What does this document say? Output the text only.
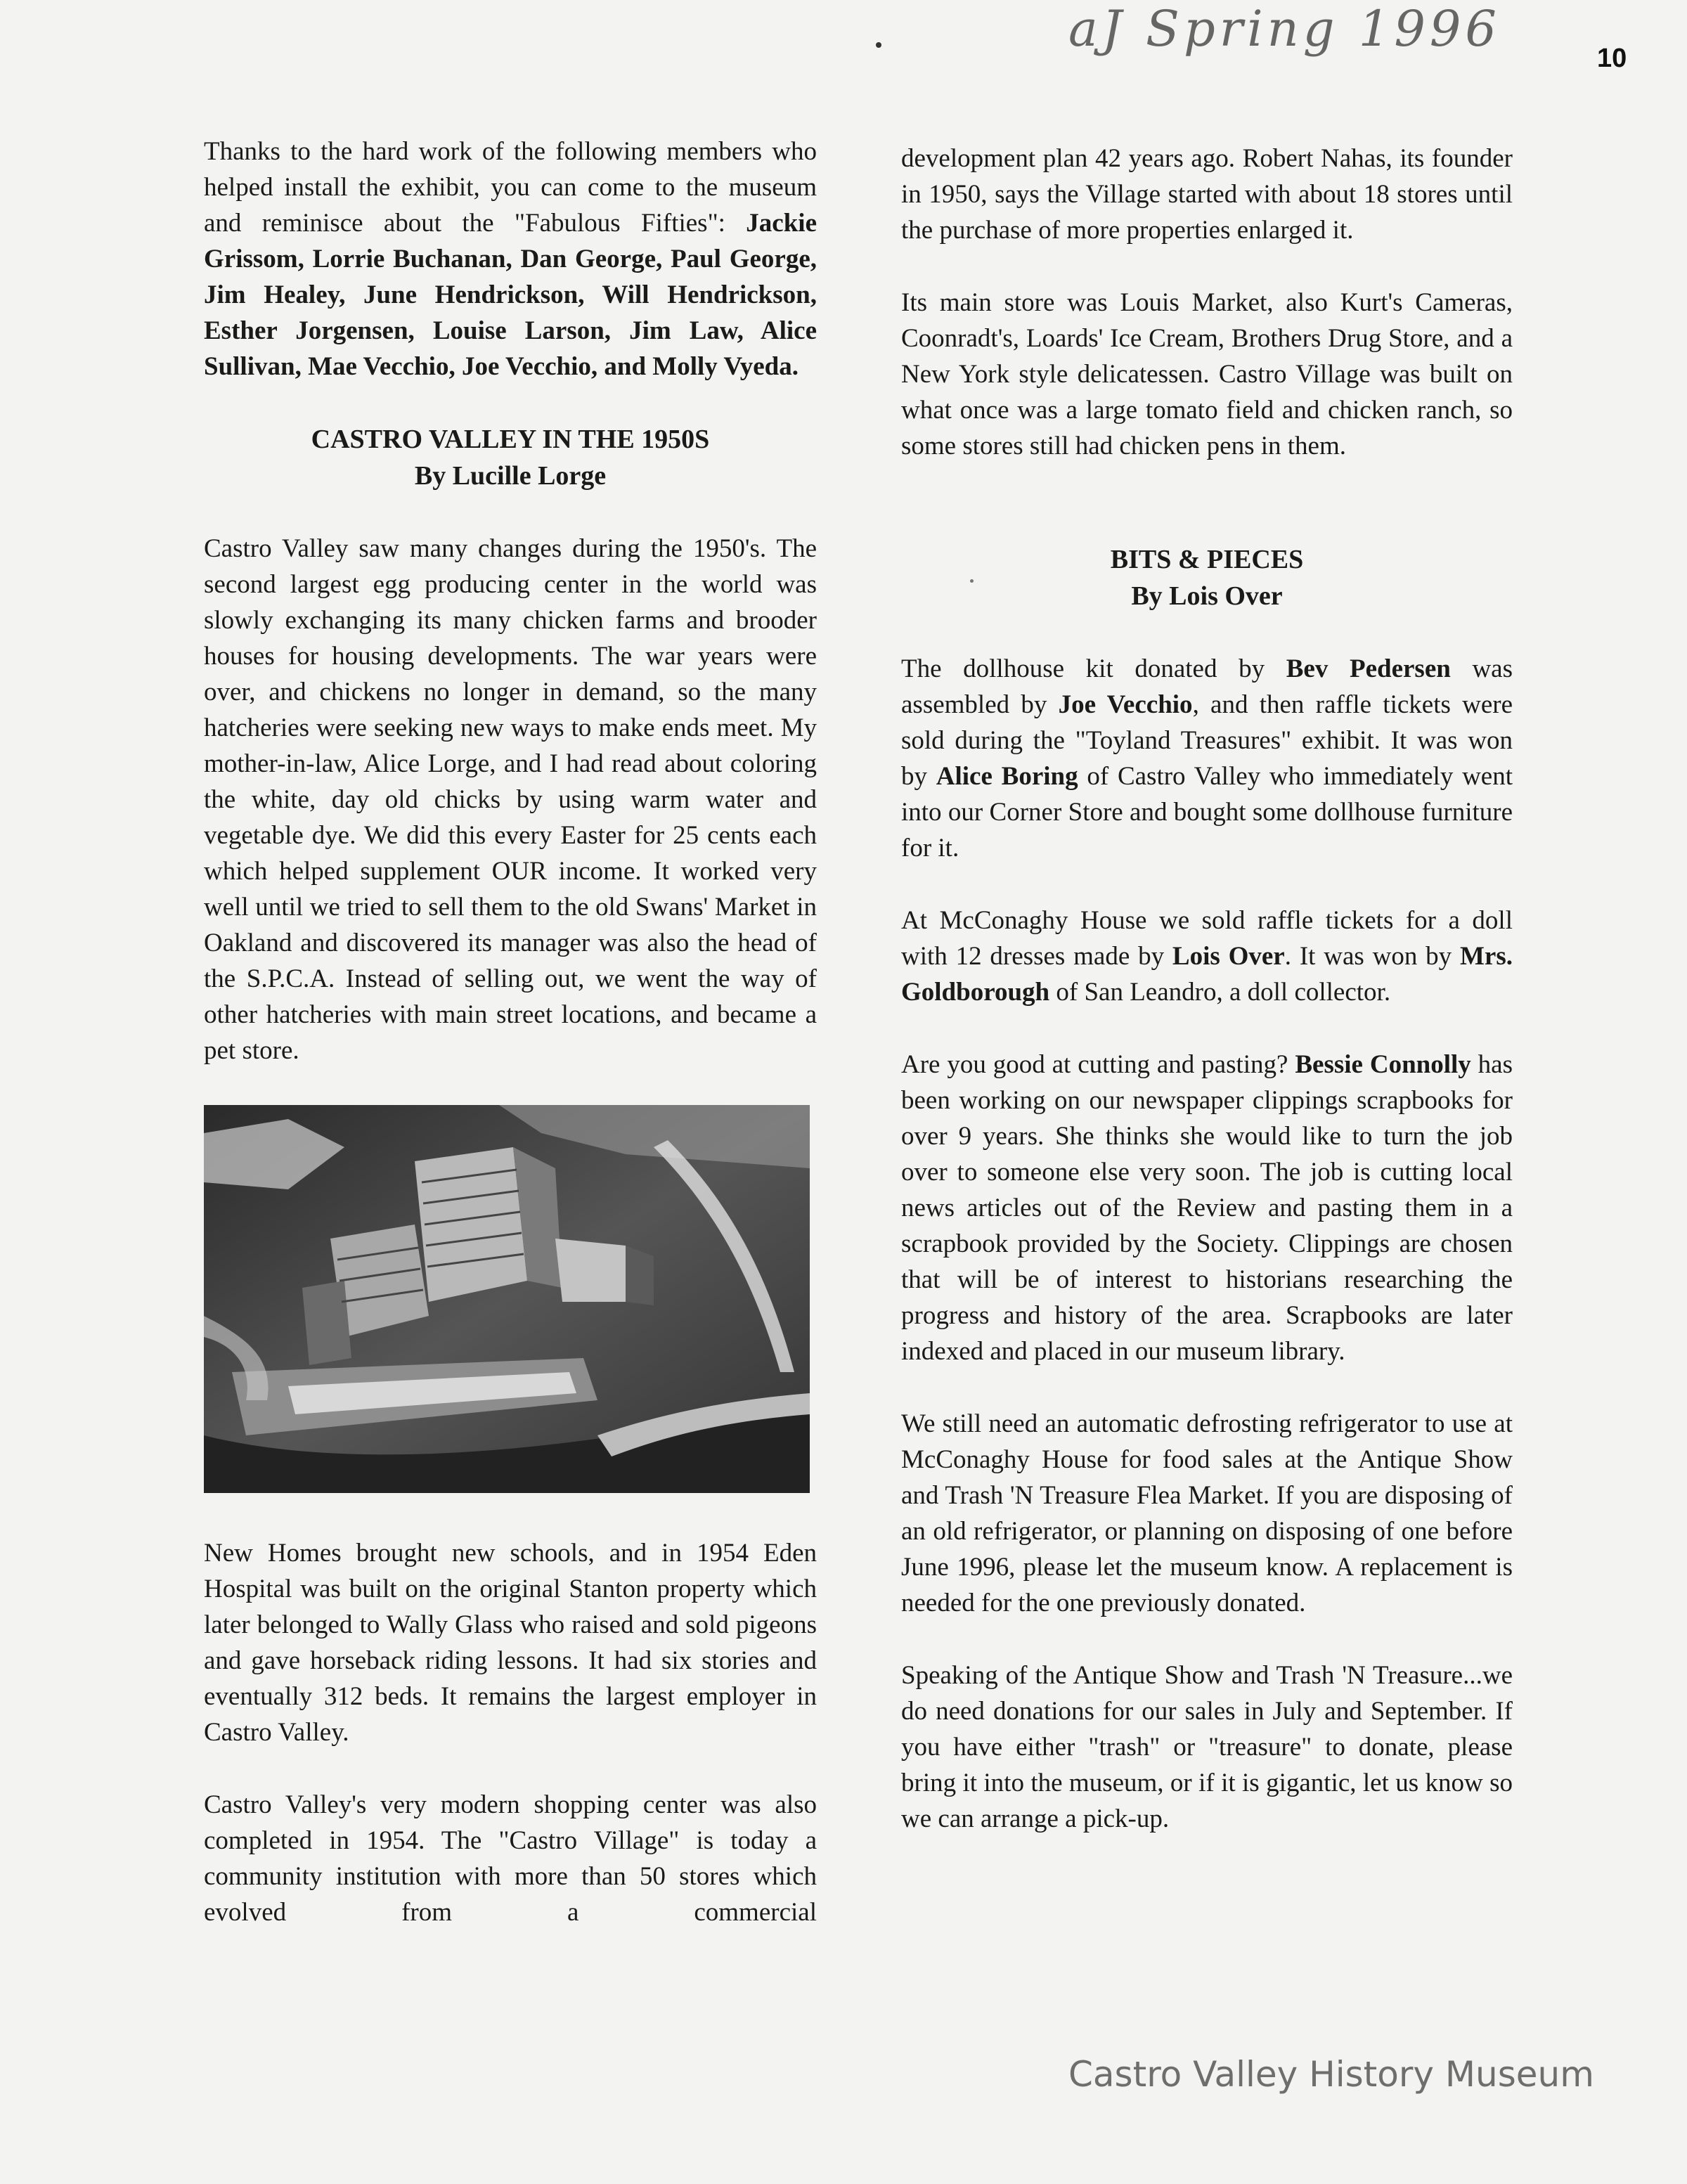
aJ Spring 1996
10

Thanks to the hard work of the following members who helped install the exhibit, you can come to the museum and reminisce about the "Fabulous Fifties": Jackie Grissom, Lorrie Buchanan, Dan George, Paul George, Jim Healey, June Hendrickson, Will Hendrickson, Esther Jorgensen, Louise Larson, Jim Law, Alice Sullivan, Mae Vecchio, Joe Vecchio, and Molly Vyeda.

CASTRO VALLEY IN THE 1950S
By Lucille Lorge

Castro Valley saw many changes during the 1950's. The second largest egg producing center in the world was slowly exchanging its many chicken farms and brooder houses for housing developments. The war years were over, and chickens no longer in demand, so the many hatcheries were seeking new ways to make ends meet. My mother-in-law, Alice Lorge, and I had read about coloring the white, day old chicks by using warm water and vegetable dye. We did this every Easter for 25 cents each which helped supplement OUR income. It worked very well until we tried to sell them to the old Swans' Market in Oakland and discovered its manager was also the head of the S.P.C.A. Instead of selling out, we went the way of other hatcheries with main street locations, and became a pet store.

New Homes brought new schools, and in 1954 Eden Hospital was built on the original Stanton property which later belonged to Wally Glass who raised and sold pigeons and gave horseback riding lessons. It had six stories and eventually 312 beds. It remains the largest employer in Castro Valley.

Castro Valley's very modern shopping center was also completed in 1954. The "Castro Village" is today a community institution with more than 50 stores which evolved from a commercial

development plan 42 years ago. Robert Nahas, its founder in 1950, says the Village started with about 18 stores until the purchase of more properties enlarged it.

Its main store was Louis Market, also Kurt's Cameras, Coonradt's, Loards' Ice Cream, Brothers Drug Store, and a New York style delicatessen. Castro Village was built on what once was a large tomato field and chicken ranch, so some stores still had chicken pens in them.

BITS & PIECES
By Lois Over

The dollhouse kit donated by Bev Pedersen was assembled by Joe Vecchio, and then raffle tickets were sold during the "Toyland Treasures" exhibit. It was won by Alice Boring of Castro Valley who immediately went into our Corner Store and bought some dollhouse furniture for it.

At McConaghy House we sold raffle tickets for a doll with 12 dresses made by Lois Over. It was won by Mrs. Goldborough of San Leandro, a doll collector.

Are you good at cutting and pasting? Bessie Connolly has been working on our newspaper clippings scrapbooks for over 9 years. She thinks she would like to turn the job over to someone else very soon. The job is cutting local news articles out of the Review and pasting them in a scrapbook provided by the Society. Clippings are chosen that will be of interest to historians researching the progress and history of the area. Scrapbooks are later indexed and placed in our museum library.

We still need an automatic defrosting refrigerator to use at McConaghy House for food sales at the Antique Show and Trash 'N Treasure Flea Market. If you are disposing of an old refrigerator, or planning on disposing of one before June 1996, please let the museum know. A replacement is needed for the one previously donated.

Speaking of the Antique Show and Trash 'N Treasure...we do need donations for our sales in July and September. If you have either "trash" or "treasure" to donate, please bring it into the museum, or if it is gigantic, let us know so we can arrange a pick-up.

Castro Valley History Museum
